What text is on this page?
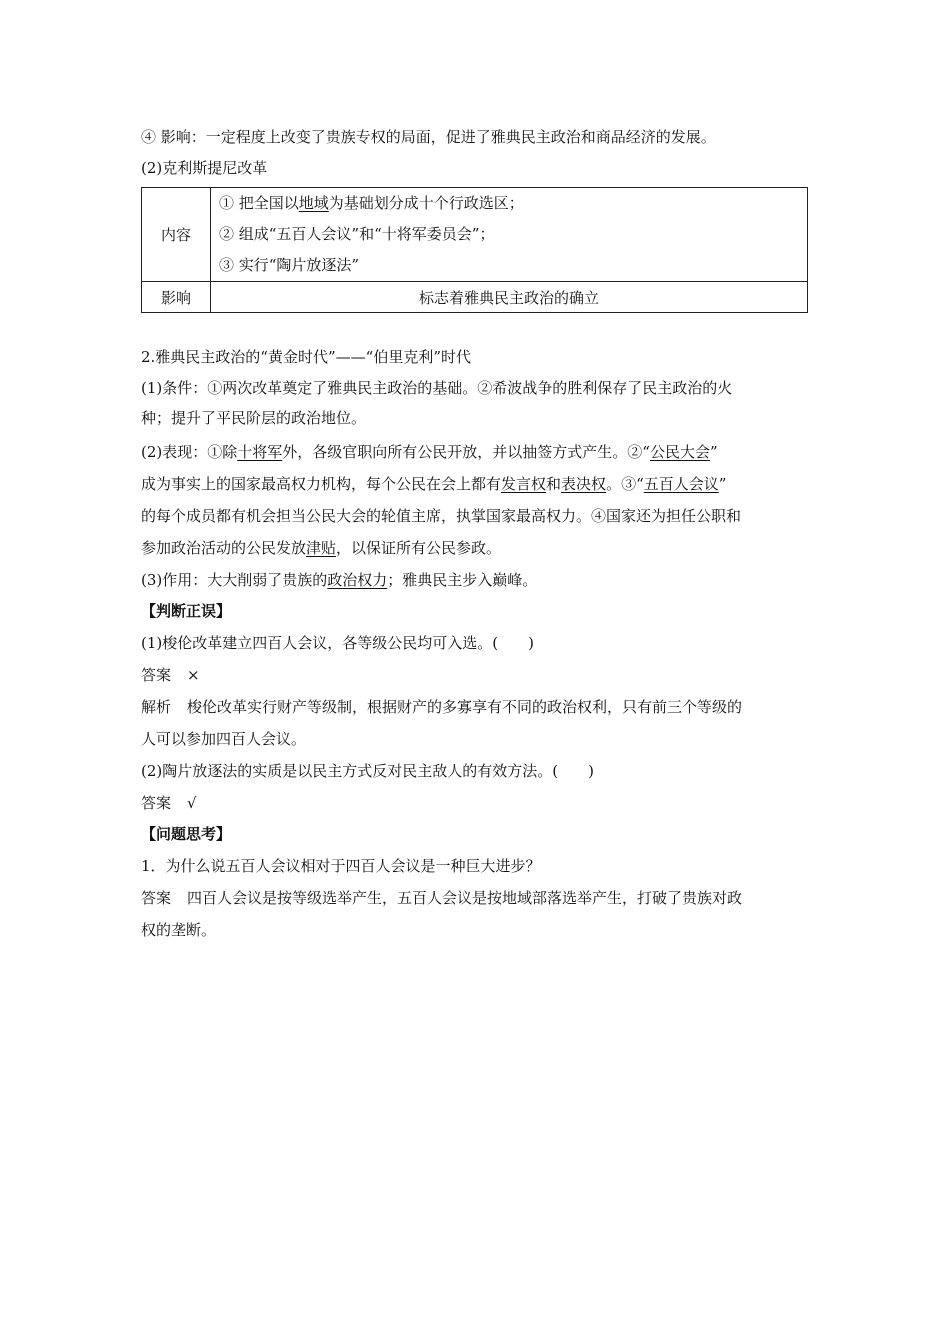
④ 影响：一定程度上改变了贵族专权的局面，促进了雅典民主政治和商品经济的发展。
(2)克利斯提尼改革
内容	① 把全国以地域为基础划分成十个行政选区；
② 组成“五百人会议”和“十将军委员会”；
③ 实行“陶片放逐法”

影响	标志着雅典民主政治的确立
2.雅典民主政治的“黄金时代”——“伯里克利”时代
(1)条件：①两次改革奠定了雅典民主政治的基础。②希波战争的胜利保存了民主政治的火
种；提升了平民阶层的政治地位。
(2)表现：①除十将军外，各级官职向所有公民开放，并以抽签方式产生。②“公民大会”
成为事实上的国家最高权力机构，每个公民在会上都有发言权和表决权。③“五百人会议”
的每个成员都有机会担当公民大会的轮值主席，执掌国家最高权力。④国家还为担任公职和
参加政治活动的公民发放津贴，以保证所有公民参政。
(3)作用：大大削弱了贵族的政治权力；雅典民主步入巅峰。
【判断正误】
(1)梭伦改革建立四百人会议，各等级公民均可入选。(　　)
答案 ×
解析 梭伦改革实行财产等级制，根据财产的多寡享有不同的政治权利，只有前三个等级的
人可以参加四百人会议。
(2)陶片放逐法的实质是以民主方式反对民主敌人的有效方法。(　　)
答案 √
【问题思考】
1．为什么说五百人会议相对于四百人会议是一种巨大进步？
答案 四百人会议是按等级选举产生，五百人会议是按地域部落选举产生，打破了贵族对政
权的垄断。
